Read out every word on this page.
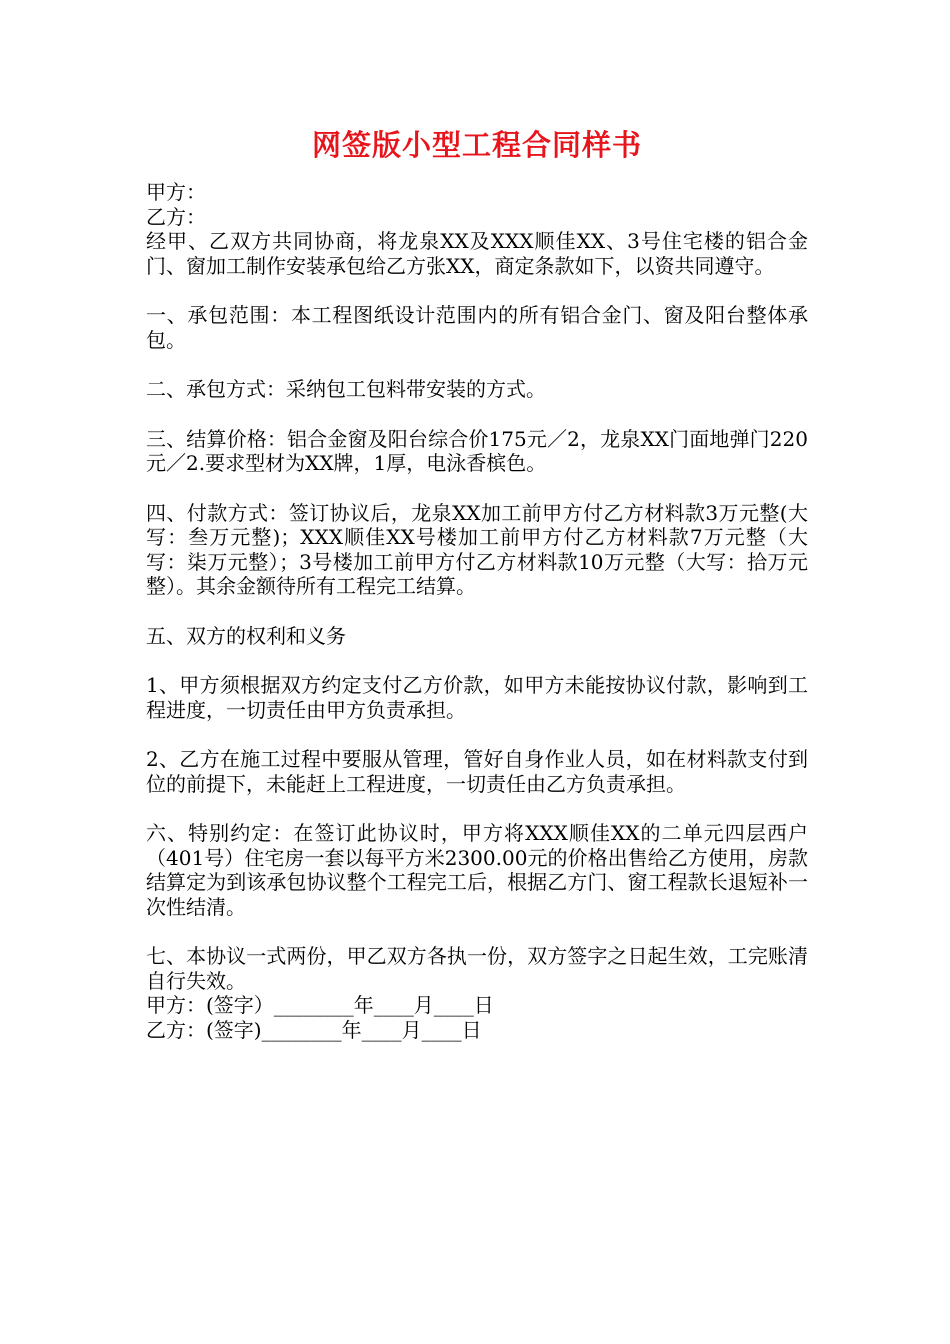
网签版小型工程合同样书

甲方：

乙方：

经甲、乙双方共同协商，将龙泉XX及XXX顺佳XX、3号住宅楼的铝合金门、窗加工制作安装承包给乙方张XX，商定条款如下，以资共同遵守。

一、承包范围：本工程图纸设计范围内的所有铝合金门、窗及阳台整体承包。

二、承包方式：采纳包工包料带安装的方式。

三、结算价格：铝合金窗及阳台综合价175元／2，龙泉XX门面地弹门220元／2.要求型材为XX牌，1厚，电泳香槟色。

四、付款方式：签订协议后，龙泉XX加工前甲方付乙方材料款3万元整(大写：叁万元整)；XXX顺佳XX号楼加工前甲方付乙方材料款7万元整（大写：柒万元整）；3号楼加工前甲方付乙方材料款10万元整（大写：拾万元整）。其余金额待所有工程完工结算。

五、双方的权利和义务

1、甲方须根据双方约定支付乙方价款，如甲方未能按协议付款，影响到工程进度，一切责任由甲方负责承担。

2、乙方在施工过程中要服从管理，管好自身作业人员，如在材料款支付到位的前提下，未能赶上工程进度，一切责任由乙方负责承担。

六、特别约定：在签订此协议时，甲方将XXX顺佳XX的二单元四层西户（401号）住宅房一套以每平方米2300.00元的价格出售给乙方使用，房款结算定为到该承包协议整个工程完工后，根据乙方门、窗工程款长退短补一次性结清。

七、本协议一式两份，甲乙双方各执一份，双方签字之日起生效，工完账清自行失效。

甲方：(签字）________年____月____日

乙方：(签字)________年____月____日
